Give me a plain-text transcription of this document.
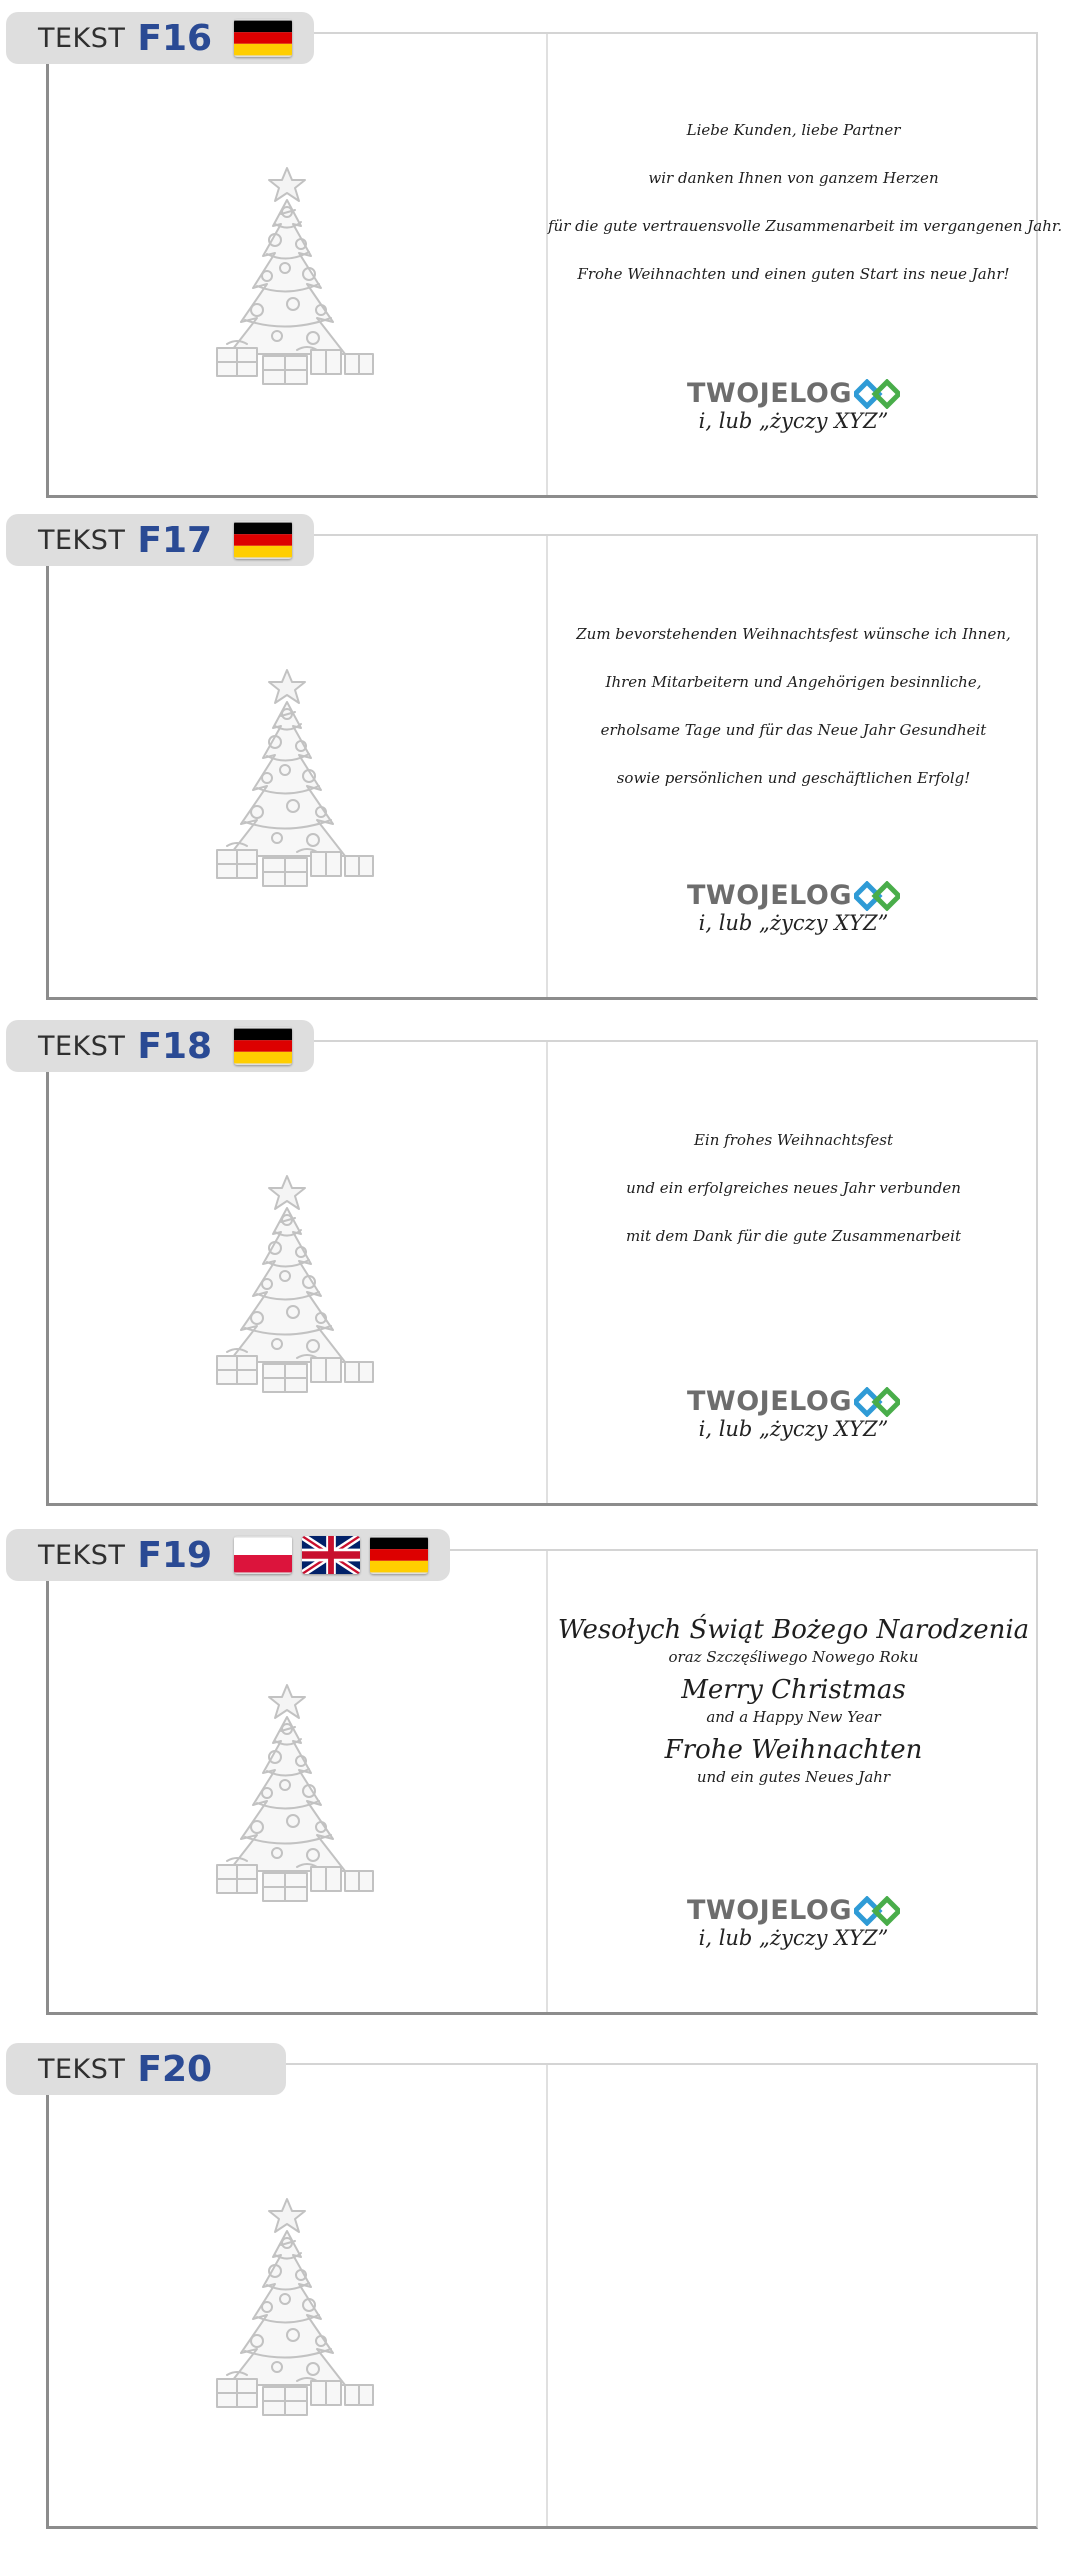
Liebe Kunden, liebe Partner
wir danken Ihnen von ganzem Herzen
für die gute vertrauensvolle Zusammenarbeit im vergangenen Jahr.
Frohe Weihnachten und einen guten Start ins neue Jahr!
TWOJELOG
i, lub „życzy XYZ”
TEKST F16
Zum bevorstehenden Weihnachtsfest wünsche ich Ihnen,
Ihren Mitarbeitern und Angehörigen besinnliche,
erholsame Tage und für das Neue Jahr Gesundheit
sowie persönlichen und geschäftlichen Erfolg!
TWOJELOG
i, lub „życzy XYZ”
TEKST F17
Ein frohes Weihnachtsfest
und ein erfolgreiches neues Jahr verbunden
mit dem Dank für die gute Zusammenarbeit
TWOJELOG
i, lub „życzy XYZ”
TEKST F18
Wesołych Świąt Bożego Narodzenia
oraz Szczęśliwego Nowego Roku
Merry Christmas
and a Happy New Year
Frohe Weihnachten
und ein gutes Neues Jahr
TWOJELOG
i, lub „życzy XYZ”
TEKST F19
TEKST F20
